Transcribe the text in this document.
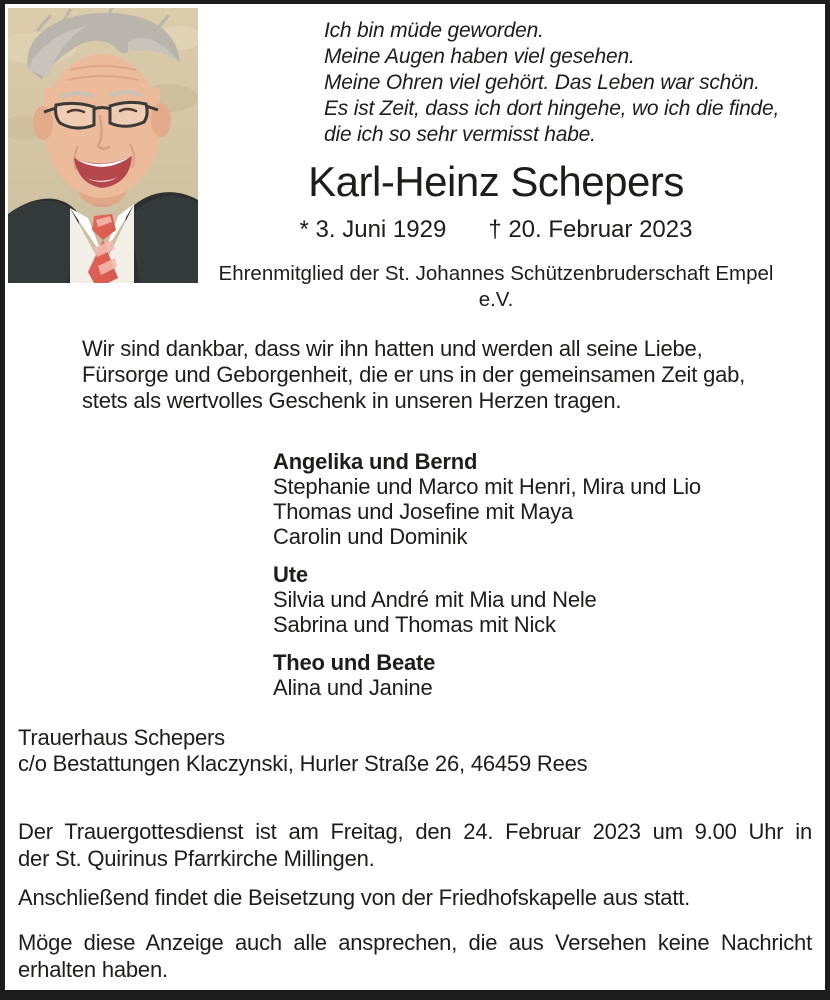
Ich bin müde geworden.
Meine Augen haben viel gesehen.
Meine Ohren viel gehört. Das Leben war schön.
Es ist Zeit, dass ich dort hingehe, wo ich die finde,
die ich so sehr vermisst habe.
Karl-Heinz Schepers
* 3. Juni 1929 † 20. Februar 2023
Ehrenmitglied der St. Johannes Schützenbruderschaft Empel e.V.
Wir sind dankbar, dass wir ihn hatten und werden all seine Liebe,
Fürsorge und Geborgenheit, die er uns in der gemeinsamen Zeit gab,
stets als wertvolles Geschenk in unseren Herzen tragen.
Angelika und Bernd
Stephanie und Marco mit Henri, Mira und Lio
Thomas und Josefine mit Maya
Carolin und Dominik
Ute
Silvia und André mit Mia und Nele
Sabrina und Thomas mit Nick
Theo und Beate
Alina und Janine
Trauerhaus Schepers
c/o Bestattungen Klaczynski, Hurler Straße 26, 46459 Rees
Der Trauergottesdienst ist am Freitag, den 24. Februar 2023 um 9.00 Uhr in
der St. Quirinus Pfarrkirche Millingen.
Anschließend findet die Beisetzung von der Friedhofskapelle aus statt.
Möge diese Anzeige auch alle ansprechen, die aus Versehen keine Nachricht
erhalten haben.
